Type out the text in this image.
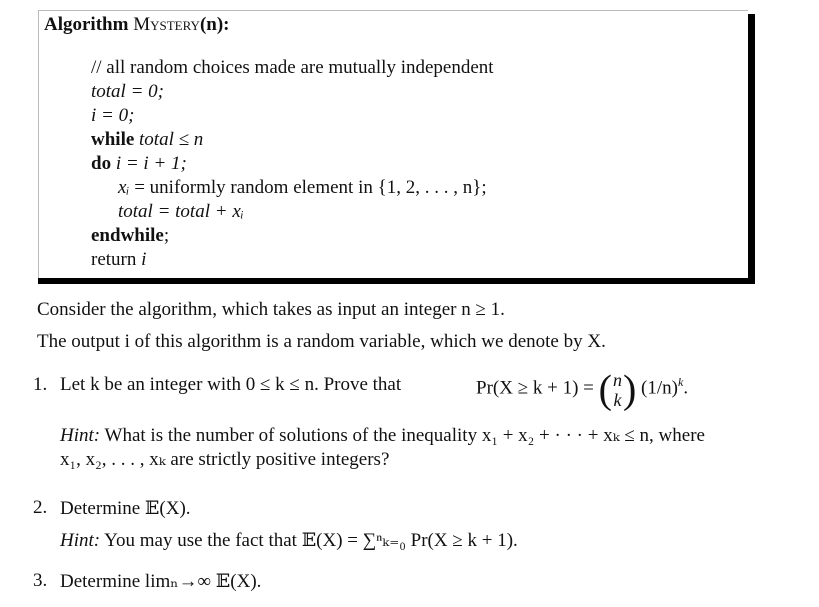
Algorithm Mystery(n):
// all random choices made are mutually independent
total = 0;
i = 0;
while total ≤ n
do i = i + 1;
xᵢ = uniformly random element in {1, 2, . . . , n};
total = total + xᵢ
endwhile;
return i
Consider the algorithm, which takes as input an integer n ≥ 1.
The output i of this algorithm is a random variable, which we denote by X.
1. Let k be an integer with 0 ≤ k ≤ n. Prove that	Pr(X ≥ k + 1) = (n
k) $(1/n)^k$.
Hint: What is the number of solutions of the inequality x₁ + x₂ + · · · + xₖ ≤ n, where
x₁, x₂, . . . , xₖ are strictly positive integers?
2. Determine 𝔼(X).
Hint: You may use the fact that 𝔼(X) = ∑ⁿₖ₌₀ Pr(X ≥ k + 1).
3. Determine limₙ→∞ 𝔼(X).
